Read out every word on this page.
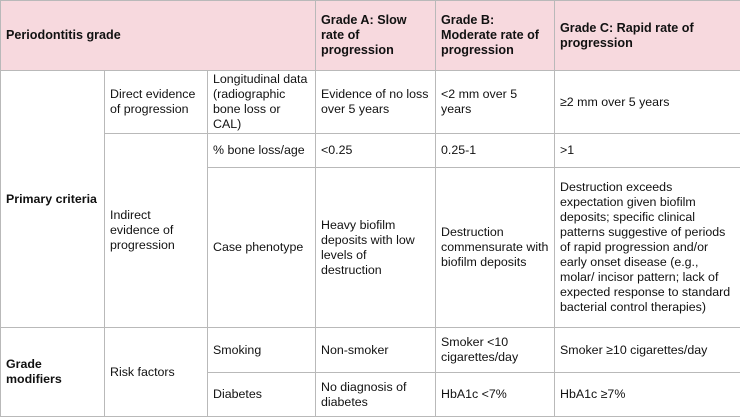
Periodontitis grade			Grade A: Slow rate of progression	Grade B: Moderate rate of progression	Grade C: Rapid rate of progression
Primary criteria	Direct evidence of progression	Longitudinal data (radiographic bone loss or CAL)	Evidence of no loss over 5 years	<2 mm over 5 years	≥2 mm over 5 years
	Indirect evidence of progression	% bone loss/age	<0.25	0.25-1	>1
		Case phenotype	Heavy biofilm deposits with low levels of destruction	Destruction commensurate with biofilm deposits	Destruction exceeds expectation given biofilm deposits; specific clinical patterns suggestive of periods of rapid progression and/or early onset disease (e.g., molar/ incisor pattern; lack of expected response to standard bacterial control therapies)
Grade modifiers	Risk factors	Smoking	Non-smoker	Smoker <10 cigarettes/day	Smoker ≥10 cigarettes/day
		Diabetes	No diagnosis of diabetes	HbA1c <7%	HbA1c ≥7%
